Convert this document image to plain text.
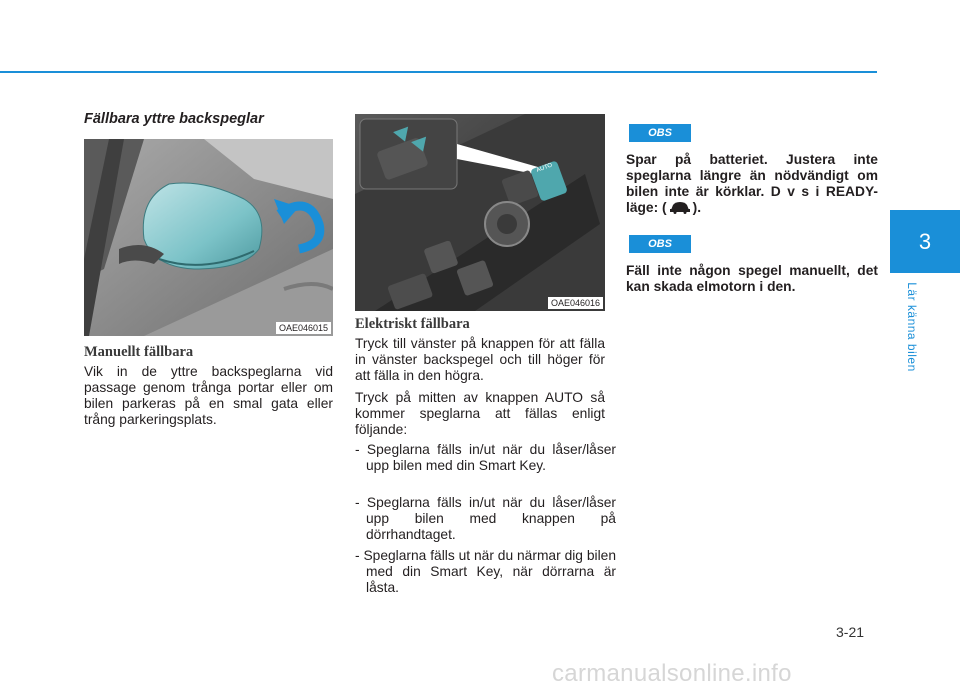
3
Lär känna bilen
Fällbara yttre backspeglar
OAE046015
Manuellt fällbara

Vik in de yttre backspeglarna vid passage genom trånga portar eller om bilen parkeras på en smal gata eller trång parkeringsplats.

AUTO
OAE046016
Elektriskt fällbara

Tryck till vänster på knappen för att fälla in vänster backspegel och till höger för att fälla in den högra.

Tryck på mitten av knappen AUTO så kommer speglarna att fällas enligt följande:

- Speglarna fälls in/ut när du låser/låser upp bilen med din Smart Key.

- Speglarna fälls in/ut när du låser/låser upp bilen med knappen på dörrhandtaget.

- Speglarna fälls ut när du närmar dig bilen med din Smart Key, när dörrarna är låsta.

OBS

Spar på batteriet. Justera inte speglarna längre än nödvändigt om bilen inte är körklar. D v s i READY-läge: ( ).

OBS

Fäll inte någon spegel manuellt, det kan skada elmotorn i den.

3-21
carmanualsonline.info
